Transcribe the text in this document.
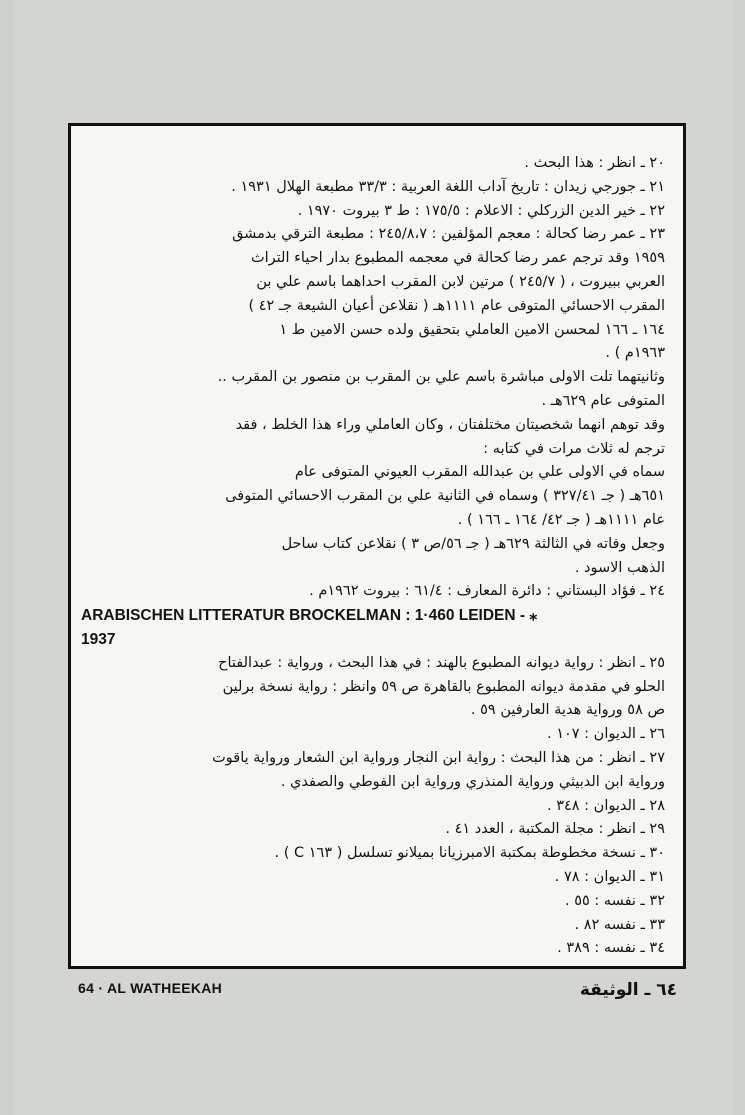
٢٠ ـ انظر : هذا البحث .
٢١ ـ جورجي زيدان : تاريخ آداب اللغة العربية : ٣٣/٣ مطبعة الهلال ١٩٣١ .
٢٢ ـ خير الدين الزركلي : الاعلام : ١٧٥/٥ : ط ٣ بيروت ١٩٧٠ .
٢٣ ـ عمر رضا كحالة : معجم المؤلفين : ٢٤٥/٨،٧ : مطبعة الترقي بدمشق
١٩٥٩ وقد ترجم عمر رضا كحالة في معجمه المطبوع بدار احياء التراث
العربي ببيروت ، ( ٢٤٥/٧ ) مرتين لابن المقرب احداهما باسم علي بن
المقرب الاحسائي المتوفى عام ١١١١هـ ( نقلاعن أعيان الشيعة جـ ٤٢ )
١٦٤ ـ ١٦٦ لمحسن الامين العاملي بتحقيق ولده حسن الامين ط ١
١٩٦٣م ) .
وثانيتهما تلت الاولى مباشرة باسم علي بن المقرب بن منصور بن المقرب ..
المتوفى عام ٦٢٩هـ .
وقد توهم انهما شخصيتان مختلفتان ، وكان العاملي وراء هذا الخلط ، فقد
ترجم له ثلاث مرات في كتابه :
سماه في الاولى علي بن عبدالله المقرب العيوني المتوفى عام
٦٥١هـ ( جـ ٣٢٧/٤١ ) وسماه في الثانية علي بن المقرب الاحسائي المتوفى
عام ١١١١هـ ( جـ ٤٢/ ١٦٤ ـ ١٦٦ ) .
وجعل وفاته في الثالثة ٦٢٩هـ ( جـ ٥٦/ص ٣ ) نقلاعن كتاب ساحل
الذهب الاسود .
٢٤ ـ فؤاد البستاني : دائرة المعارف : ٦١/٤ : بيروت ١٩٦٢م .
ARABISCHEN LITTERATUR BROCKELMAN : 1·460 LEIDEN - ⁎
1937
٢٥ ـ انظر : رواية ديوانه المطبوع بالهند : في هذا البحث ، ورواية : عبدالفتاح
الحلو في مقدمة ديوانه المطبوع بالقاهرة ص ٥٩ وانظر : رواية نسخة برلين
ص ٥٨ ورواية هدية العارفين ٥٩ .
٢٦ ـ الديوان : ١٠٧ .
٢٧ ـ انظر : من هذا البحث : رواية ابن النجار ورواية ابن الشعار ورواية ياقوت
ورواية ابن الدبيثي ورواية المنذري ورواية ابن الفوطي والصفدي .
٢٨ ـ الديوان : ٣٤٨ .
٢٩ ـ انظر : مجلة المكتبة ، العدد ٤١ .
٣٠ ـ نسخة مخطوطة بمكتبة الامبرزيانا بميلانو تسلسل ( ١٦٣ C ) .
٣١ ـ الديوان : ٧٨ .
٣٢ ـ نفسه : ٥٥ .
٣٣ ـ نفسه ٨٢ .
٣٤ ـ نفسه : ٣٨٩ .
64 · AL WATHEEKAH	٦٤ ـ الوثيقة
